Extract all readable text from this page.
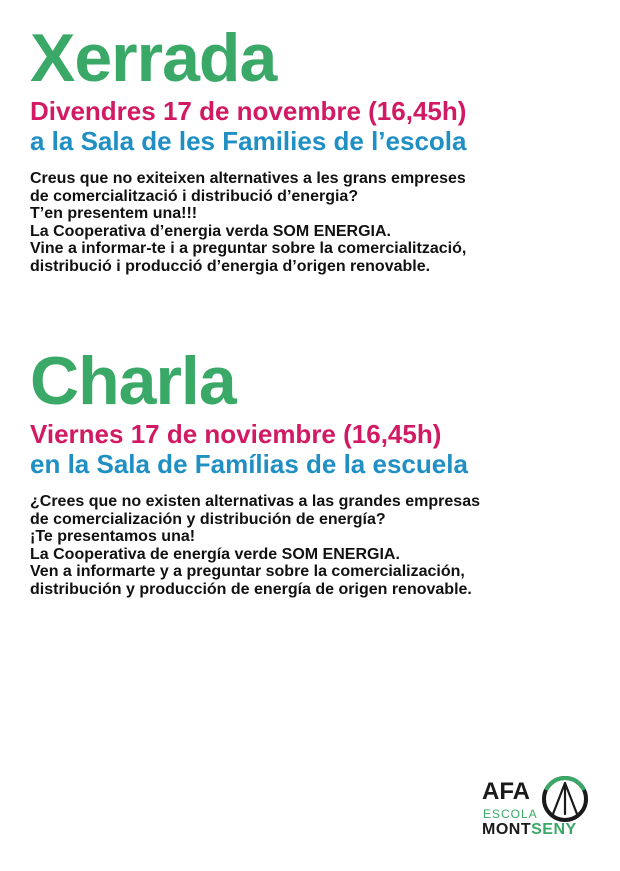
Xerrada
Divendres 17 de novembre (16,45h)
a la Sala de les Families de l’escola
Creus que no exiteixen alternatives a les grans empreses
de comercialització i distribució d’energia?
T’en presentem una!!!
La Cooperativa d’energia verda SOM ENERGIA.
Vine a informar-te i a preguntar sobre la comercialització,
distribució i producció d’energia d’origen renovable.
Charla
Viernes 17 de noviembre (16,45h)
en la Sala de Famílias de la escuela
¿Crees que no existen alternativas a las grandes empresas
de comercialización y distribución de energía?
¡Te presentamos una!
La Cooperativa de energía verde SOM ENERGIA.
Ven a informarte y a preguntar sobre la comercialización,
distribución y producción de energía de origen renovable.
AFA
ESCOLA
MONTSENY
